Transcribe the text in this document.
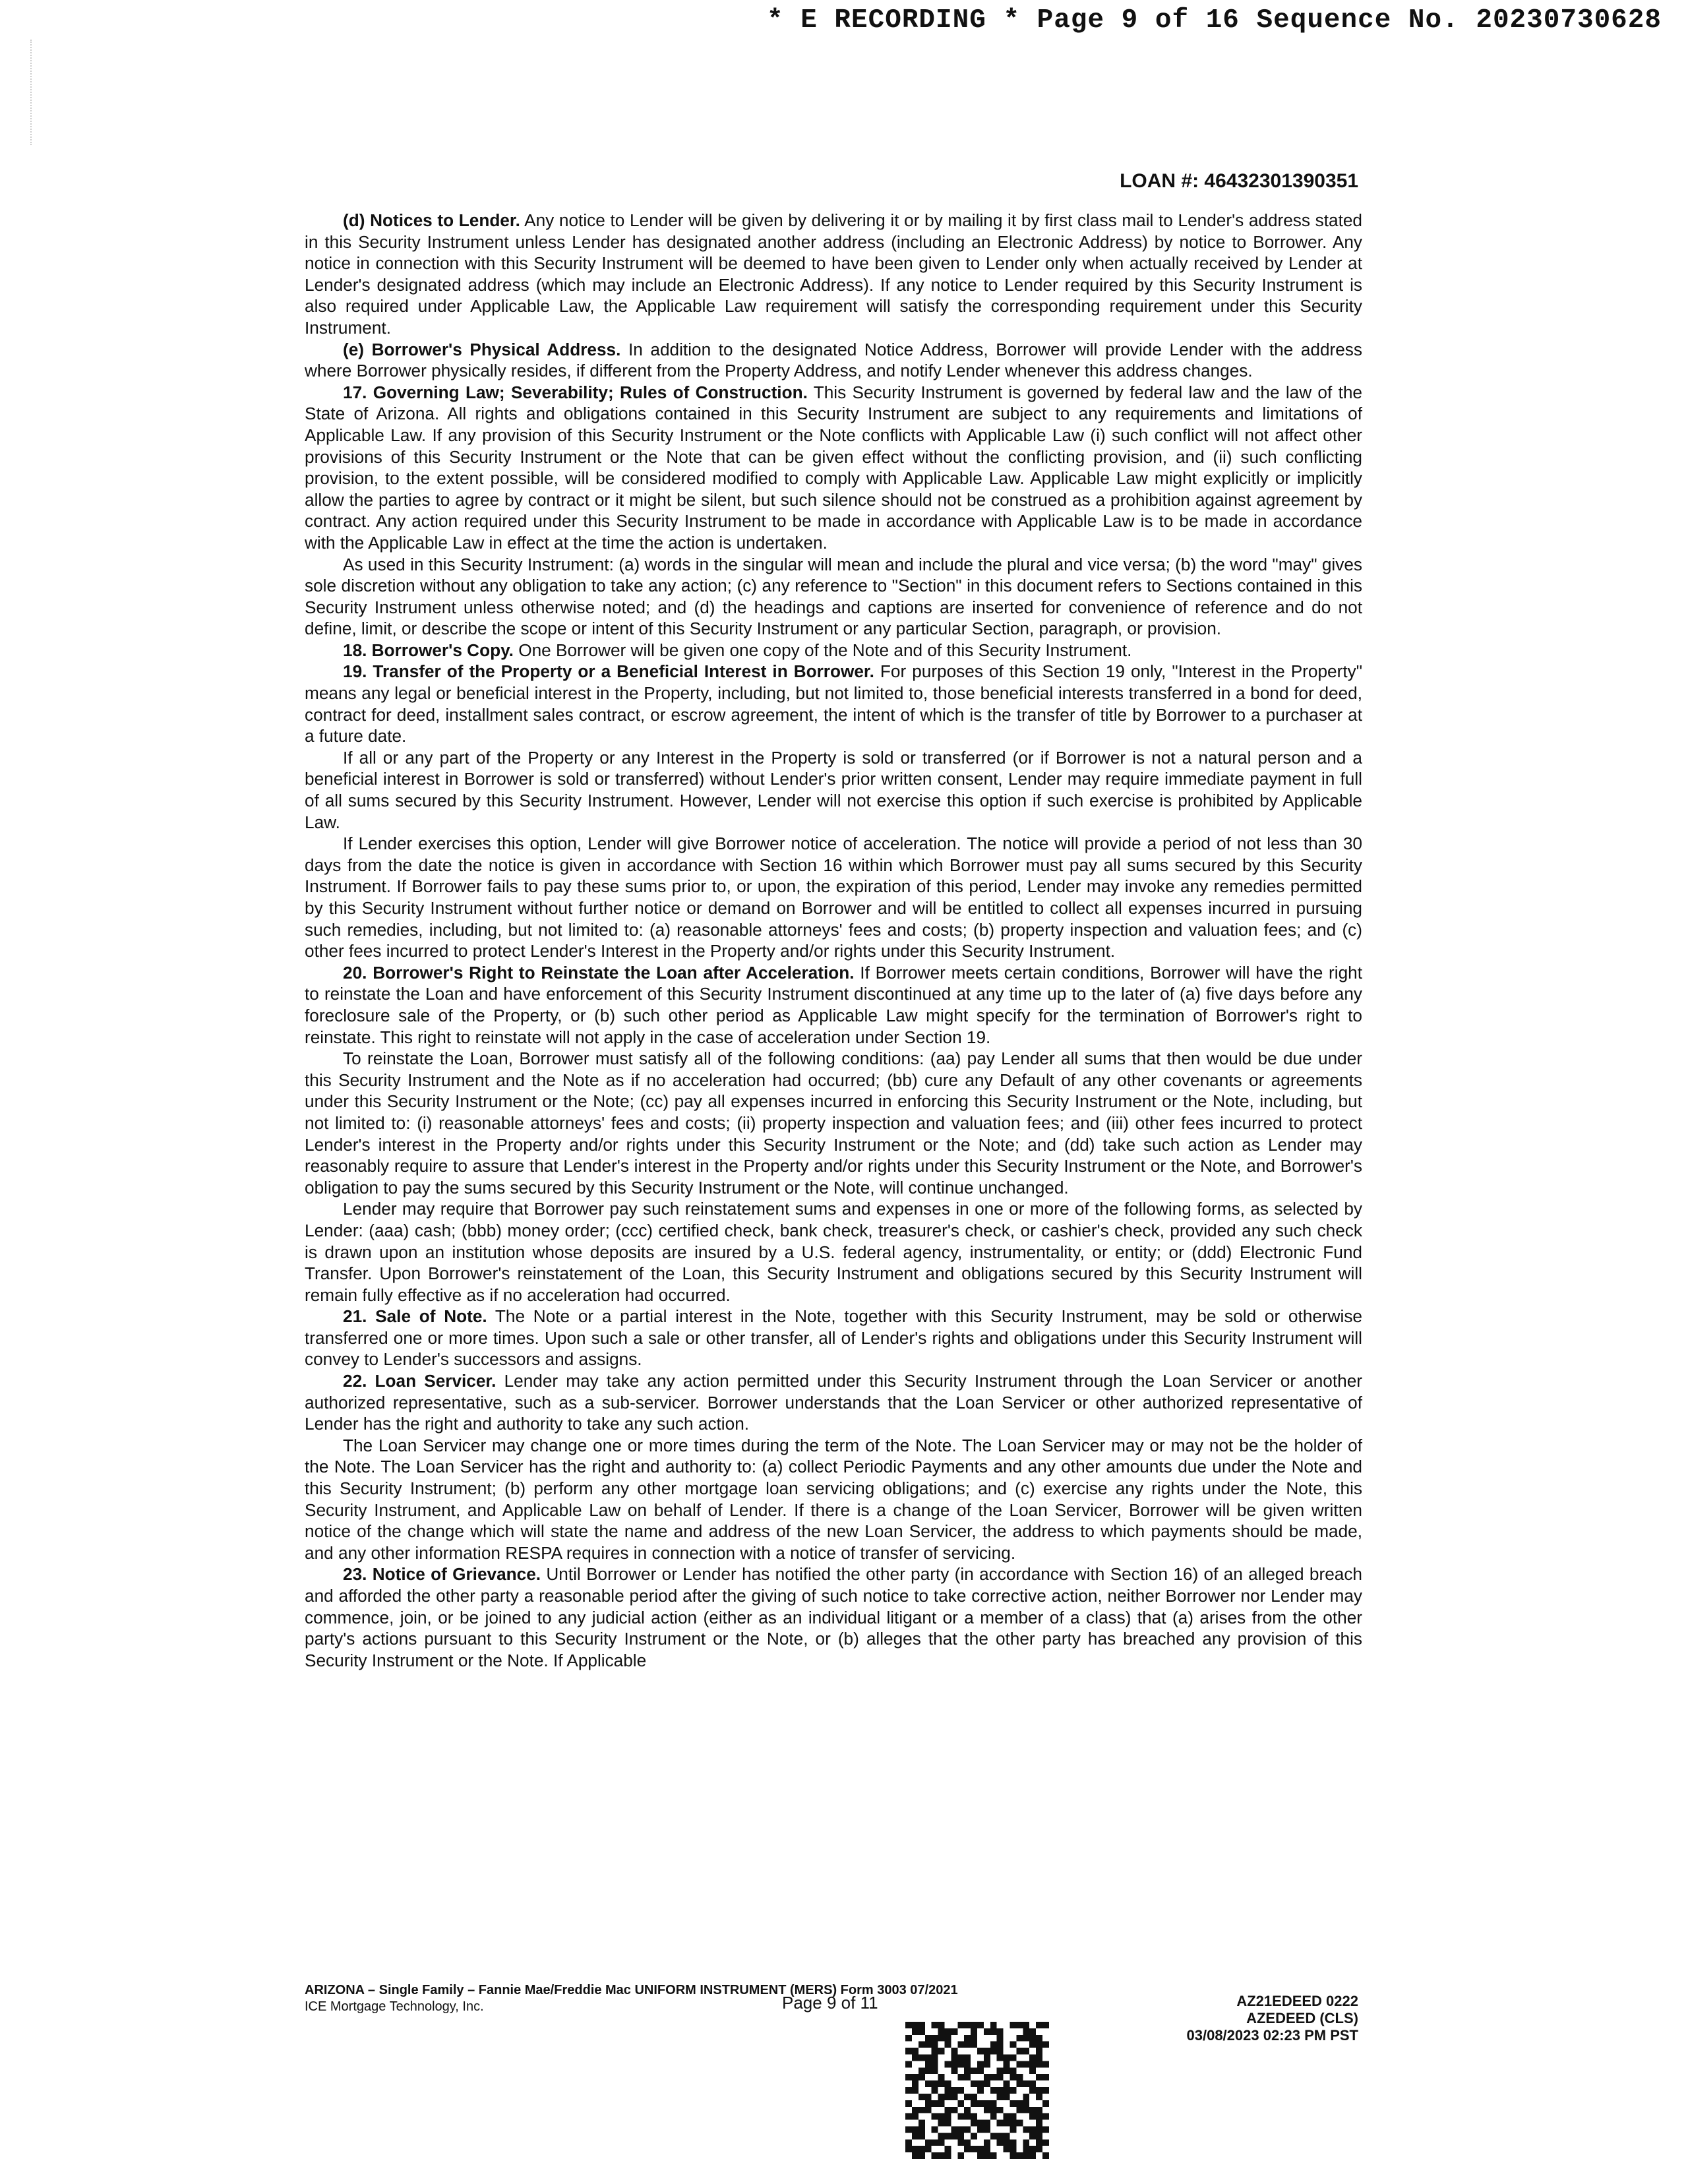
* E RECORDING * Page 9 of 16 Sequence No. 20230730628
LOAN #: 46432301390351

(d) Notices to Lender. Any notice to Lender will be given by delivering it or by mailing it by first class mail to Lender's address stated in this Security Instrument unless Lender has designated another address (including an Electronic Address) by notice to Borrower. Any notice in connection with this Security Instrument will be deemed to have been given to Lender only when actually received by Lender at Lender's designated address (which may include an Electronic Address). If any notice to Lender required by this Security Instrument is also required under Applicable Law, the Applicable Law requirement will satisfy the corresponding requirement under this Security Instrument.

(e) Borrower's Physical Address. In addition to the designated Notice Address, Borrower will provide Lender with the address where Borrower physically resides, if different from the Property Address, and notify Lender whenever this address changes.

17. Governing Law; Severability; Rules of Construction. This Security Instrument is governed by federal law and the law of the State of Arizona. All rights and obligations contained in this Security Instrument are subject to any requirements and limitations of Applicable Law. If any provision of this Security Instrument or the Note conflicts with Applicable Law (i) such conflict will not affect other provisions of this Security Instrument or the Note that can be given effect without the conflicting provision, and (ii) such conflicting provision, to the extent possible, will be considered modified to comply with Applicable Law. Applicable Law might explicitly or implicitly allow the parties to agree by contract or it might be silent, but such silence should not be construed as a prohibition against agreement by contract. Any action required under this Security Instrument to be made in accordance with Applicable Law is to be made in accordance with the Applicable Law in effect at the time the action is undertaken.

As used in this Security Instrument: (a) words in the singular will mean and include the plural and vice versa; (b) the word "may" gives sole discretion without any obligation to take any action; (c) any reference to "Section" in this document refers to Sections contained in this Security Instrument unless otherwise noted; and (d) the headings and captions are inserted for convenience of reference and do not define, limit, or describe the scope or intent of this Security Instrument or any particular Section, paragraph, or provision.

18. Borrower's Copy. One Borrower will be given one copy of the Note and of this Security Instrument.

19. Transfer of the Property or a Beneficial Interest in Borrower. For purposes of this Section 19 only, "Interest in the Property" means any legal or beneficial interest in the Property, including, but not limited to, those beneficial interests transferred in a bond for deed, contract for deed, installment sales contract, or escrow agreement, the intent of which is the transfer of title by Borrower to a purchaser at a future date.

If all or any part of the Property or any Interest in the Property is sold or transferred (or if Borrower is not a natural person and a beneficial interest in Borrower is sold or transferred) without Lender's prior written consent, Lender may require immediate payment in full of all sums secured by this Security Instrument. However, Lender will not exercise this option if such exercise is prohibited by Applicable Law.

If Lender exercises this option, Lender will give Borrower notice of acceleration. The notice will provide a period of not less than 30 days from the date the notice is given in accordance with Section 16 within which Borrower must pay all sums secured by this Security Instrument. If Borrower fails to pay these sums prior to, or upon, the expiration of this period, Lender may invoke any remedies permitted by this Security Instrument without further notice or demand on Borrower and will be entitled to collect all expenses incurred in pursuing such remedies, including, but not limited to: (a) reasonable attorneys' fees and costs; (b) property inspection and valuation fees; and (c) other fees incurred to protect Lender's Interest in the Property and/or rights under this Security Instrument.

20. Borrower's Right to Reinstate the Loan after Acceleration. If Borrower meets certain conditions, Borrower will have the right to reinstate the Loan and have enforcement of this Security Instrument discontinued at any time up to the later of (a) five days before any foreclosure sale of the Property, or (b) such other period as Applicable Law might specify for the termination of Borrower's right to reinstate. This right to reinstate will not apply in the case of acceleration under Section 19.

To reinstate the Loan, Borrower must satisfy all of the following conditions: (aa) pay Lender all sums that then would be due under this Security Instrument and the Note as if no acceleration had occurred; (bb) cure any Default of any other covenants or agreements under this Security Instrument or the Note; (cc) pay all expenses incurred in enforcing this Security Instrument or the Note, including, but not limited to: (i) reasonable attorneys' fees and costs; (ii) property inspection and valuation fees; and (iii) other fees incurred to protect Lender's interest in the Property and/or rights under this Security Instrument or the Note; and (dd) take such action as Lender may reasonably require to assure that Lender's interest in the Property and/or rights under this Security Instrument or the Note, and Borrower's obligation to pay the sums secured by this Security Instrument or the Note, will continue unchanged.

Lender may require that Borrower pay such reinstatement sums and expenses in one or more of the following forms, as selected by Lender: (aaa) cash; (bbb) money order; (ccc) certified check, bank check, treasurer's check, or cashier's check, provided any such check is drawn upon an institution whose deposits are insured by a U.S. federal agency, instrumentality, or entity; or (ddd) Electronic Fund Transfer. Upon Borrower's reinstatement of the Loan, this Security Instrument and obligations secured by this Security Instrument will remain fully effective as if no acceleration had occurred.

21. Sale of Note. The Note or a partial interest in the Note, together with this Security Instrument, may be sold or otherwise transferred one or more times. Upon such a sale or other transfer, all of Lender's rights and obligations under this Security Instrument will convey to Lender's successors and assigns.

22. Loan Servicer. Lender may take any action permitted under this Security Instrument through the Loan Servicer or another authorized representative, such as a sub-servicer. Borrower understands that the Loan Servicer or other authorized representative of Lender has the right and authority to take any such action.

The Loan Servicer may change one or more times during the term of the Note. The Loan Servicer may or may not be the holder of the Note. The Loan Servicer has the right and authority to: (a) collect Periodic Payments and any other amounts due under the Note and this Security Instrument; (b) perform any other mortgage loan servicing obligations; and (c) exercise any rights under the Note, this Security Instrument, and Applicable Law on behalf of Lender. If there is a change of the Loan Servicer, Borrower will be given written notice of the change which will state the name and address of the new Loan Servicer, the address to which payments should be made, and any other information RESPA requires in connection with a notice of transfer of servicing.

23. Notice of Grievance. Until Borrower or Lender has notified the other party (in accordance with Section 16) of an alleged breach and afforded the other party a reasonable period after the giving of such notice to take corrective action, neither Borrower nor Lender may commence, join, or be joined to any judicial action (either as an individual litigant or a member of a class) that (a) arises from the other party's actions pursuant to this Security Instrument or the Note, or (b) alleges that the other party has breached any provision of this Security Instrument or the Note. If Applicable

ARIZONA – Single Family – Fannie Mae/Freddie Mac UNIFORM INSTRUMENT (MERS) Form 3003 07/2021
ICE Mortgage Technology, Inc.	Page 9 of 11	AZ21EDEED 0222
AZEDEED (CLS)
03/08/2023 02:23 PM PST
